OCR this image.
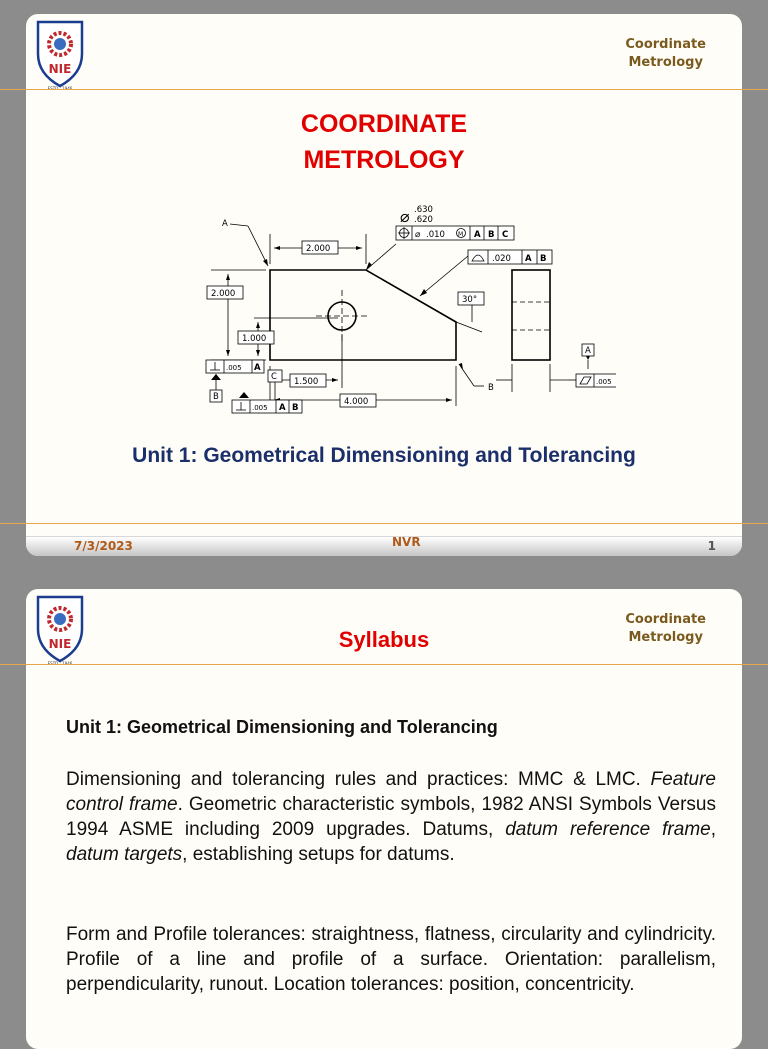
NIE
Coordinate
Metrology
COORDINATE
METROLOGY
A
B
2.000
2.000
1.000
1.500
4.000
30°
⌀ .630
.620
⌀ .010 M A B C
.020 A B
.005 A
B
C
.005 A B
A
.005
Unit 1: Geometrical Dimensioning and Tolerancing
7/3/2023	NVR	1
NIE
Coordinate
Metrology
Syllabus
Unit 1: Geometrical Dimensioning and Tolerancing

Dimensioning and tolerancing rules and practices: MMC & LMC. Feature control frame. Geometric characteristic symbols, 1982 ANSI Symbols Versus 1994 ASME including 2009 upgrades. Datums, datum reference frame, datum targets, establishing setups for datums.

Form and Profile tolerances: straightness, flatness, circularity and cylindricity. Profile of a line and profile of a surface. Orientation: parallelism, perpendicularity, runout. Location tolerances: position, concentricity.
